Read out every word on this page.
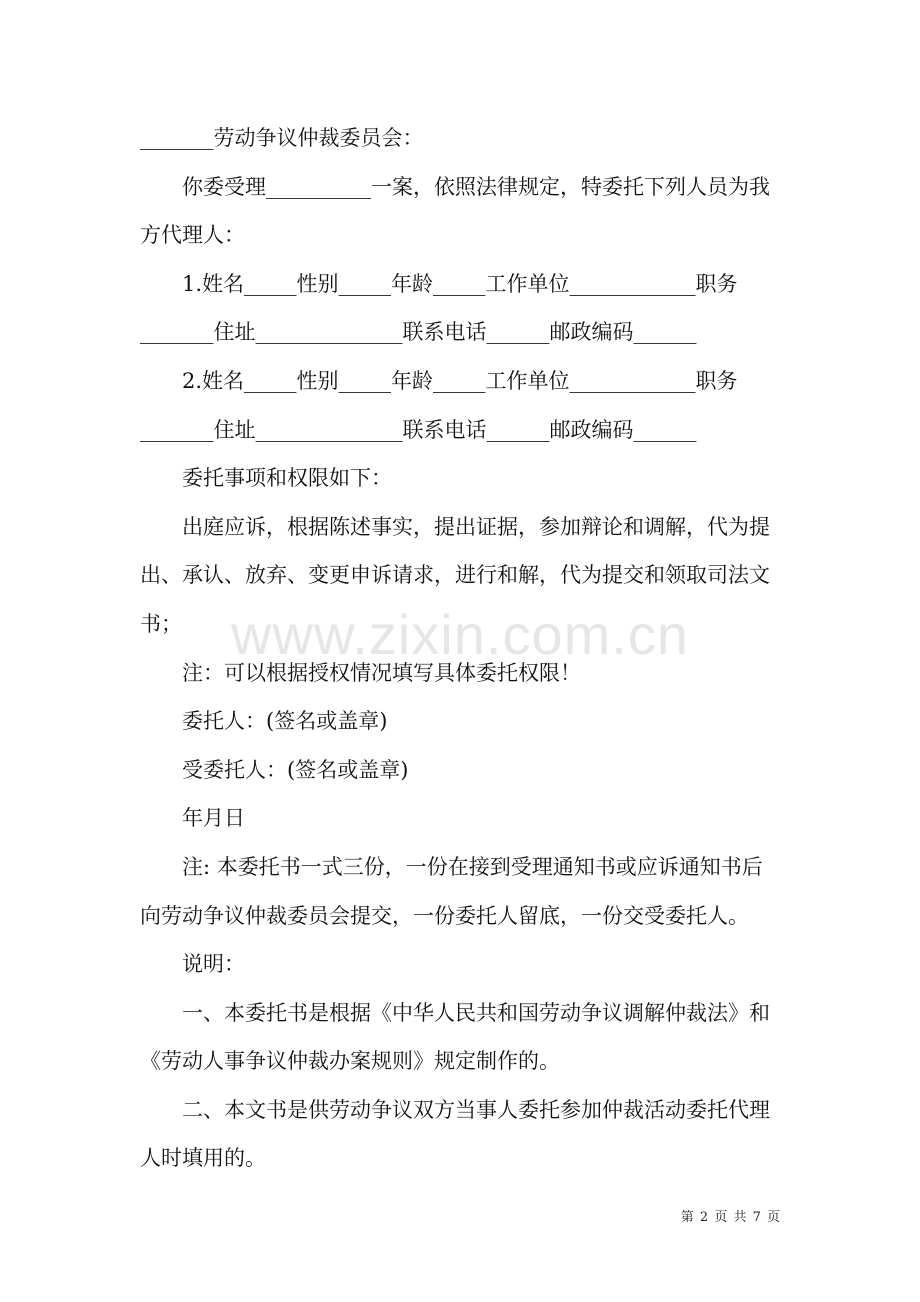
www.zixin.com.cn
_______劳动争议仲裁委员会：
你委受理__________一案，依照法律规定，特委托下列人员为我
方代理人：
1.姓名_____性别_____年龄_____工作单位____________职务
_______住址______________联系电话______邮政编码______
2.姓名_____性别_____年龄_____工作单位____________职务
_______住址______________联系电话______邮政编码______
委托事项和权限如下：
出庭应诉，根据陈述事实，提出证据，参加辩论和调解，代为提
出、承认、放弃、变更申诉请求，进行和解，代为提交和领取司法文
书；
注：可以根据授权情况填写具体委托权限！
委托人：(签名或盖章)
受委托人：(签名或盖章)
年月日
注: 本委托书一式三份，一份在接到受理通知书或应诉通知书后
向劳动争议仲裁委员会提交，一份委托人留底，一份交受委托人。
说明：
一、本委托书是根据《中华人民共和国劳动争议调解仲裁法》和
《劳动人事争议仲裁办案规则》规定制作的。
二、本文书是供劳动争议双方当事人委托参加仲裁活动委托代理
人时填用的。
第 2 页 共 7 页
